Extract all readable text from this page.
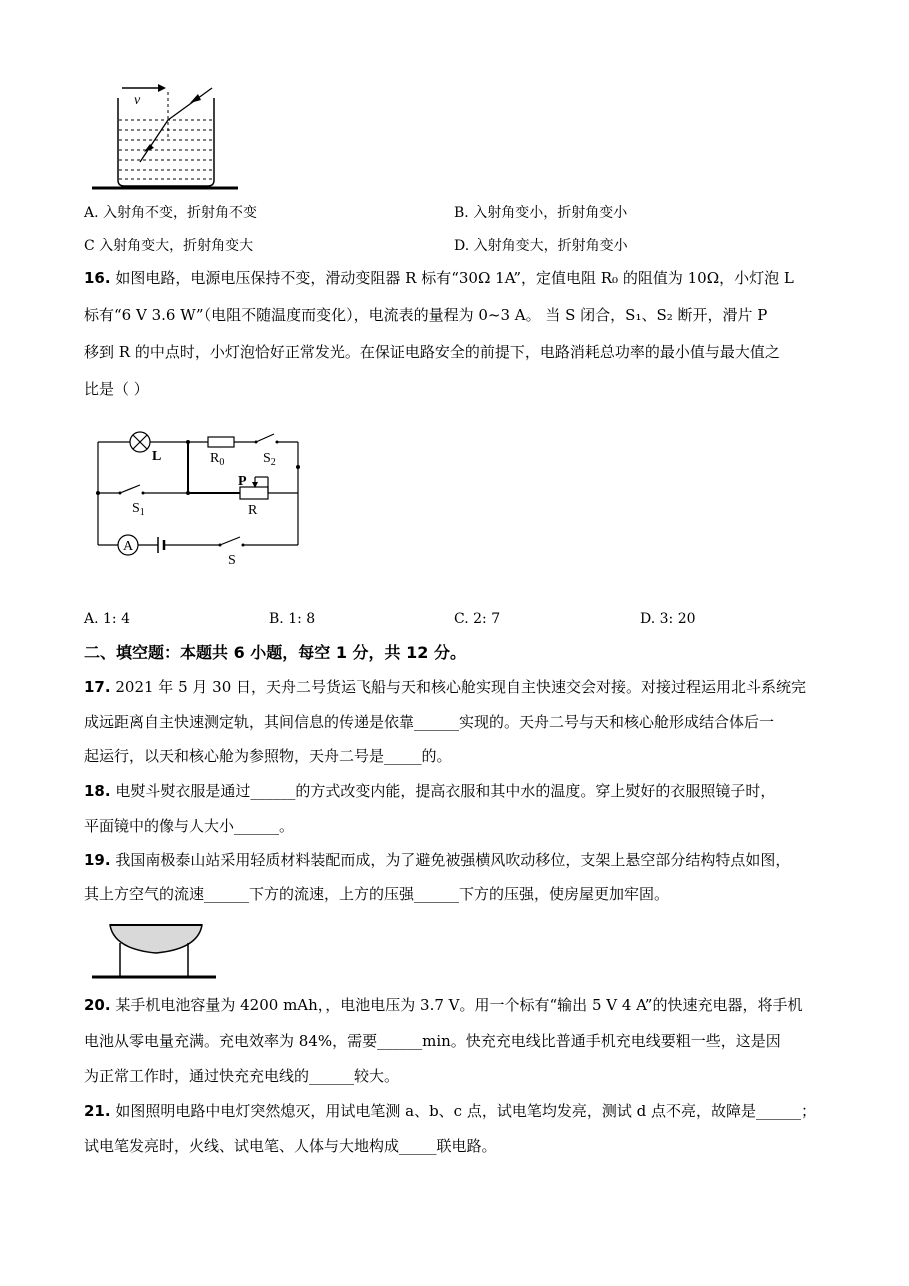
v
A. 入射角不变，折射角不变	B. 入射角变小，折射角变小
C 入射角变大，折射角变大	D. 入射角变大，折射角变小
16. 如图电路，电源电压保持不变，滑动变阻器 R 标有“30Ω 1A”，定值电阻 R₀ 的阻值为 10Ω，小灯泡 L
标有“6 V 3.6 W”（电阻不随温度而变化），电流表的量程为 0~3 A。 当 S 闭合，S₁、S₂ 断开，滑片 P
移到 R 的中点时，小灯泡恰好正常发光。在保证电路安全的前提下，电路消耗总功率的最小值与最大值之
比是（ ）
L	$R_0$	$S_2$
P
R
$S_1$
A
S
A. 1: 4	B. 1: 8	C. 2: 7	D. 3: 20
二、填空题：本题共 6 小题，每空 1 分，共 12 分。
17. 2021 年 5 月 30 日，天舟二号货运飞船与天和核心舱实现自主快速交会对接。对接过程运用北斗系统完
成远距离自主快速测定轨，其间信息的传递是依靠______实现的。天舟二号与天和核心舱形成结合体后一
起运行，以天和核心舱为参照物，天舟二号是_____的。
18. 电熨斗熨衣服是通过______的方式改变内能，提高衣服和其中水的温度。穿上熨好的衣服照镜子时，
平面镜中的像与人大小______。
19. 我国南极泰山站采用轻质材料装配而成，为了避免被强横风吹动移位，支架上悬空部分结构特点如图，
其上方空气的流速______下方的流速，上方的压强______下方的压强，使房屋更加牢固。
20. 某手机电池容量为 4200 mAh，，电池电压为 3.7 V。用一个标有“输出 5 V 4 A”的快速充电器，将手机
电池从零电量充满。充电效率为 84%，需要______min。快充充电线比普通手机充电线要粗一些，这是因
为正常工作时，通过快充充电线的______较大。
21. 如图照明电路中电灯突然熄灭，用试电笔测 a、b、c 点，试电笔均发亮，测试 d 点不亮，故障是______；
试电笔发亮时，火线、试电笔、人体与大地构成_____联电路。
